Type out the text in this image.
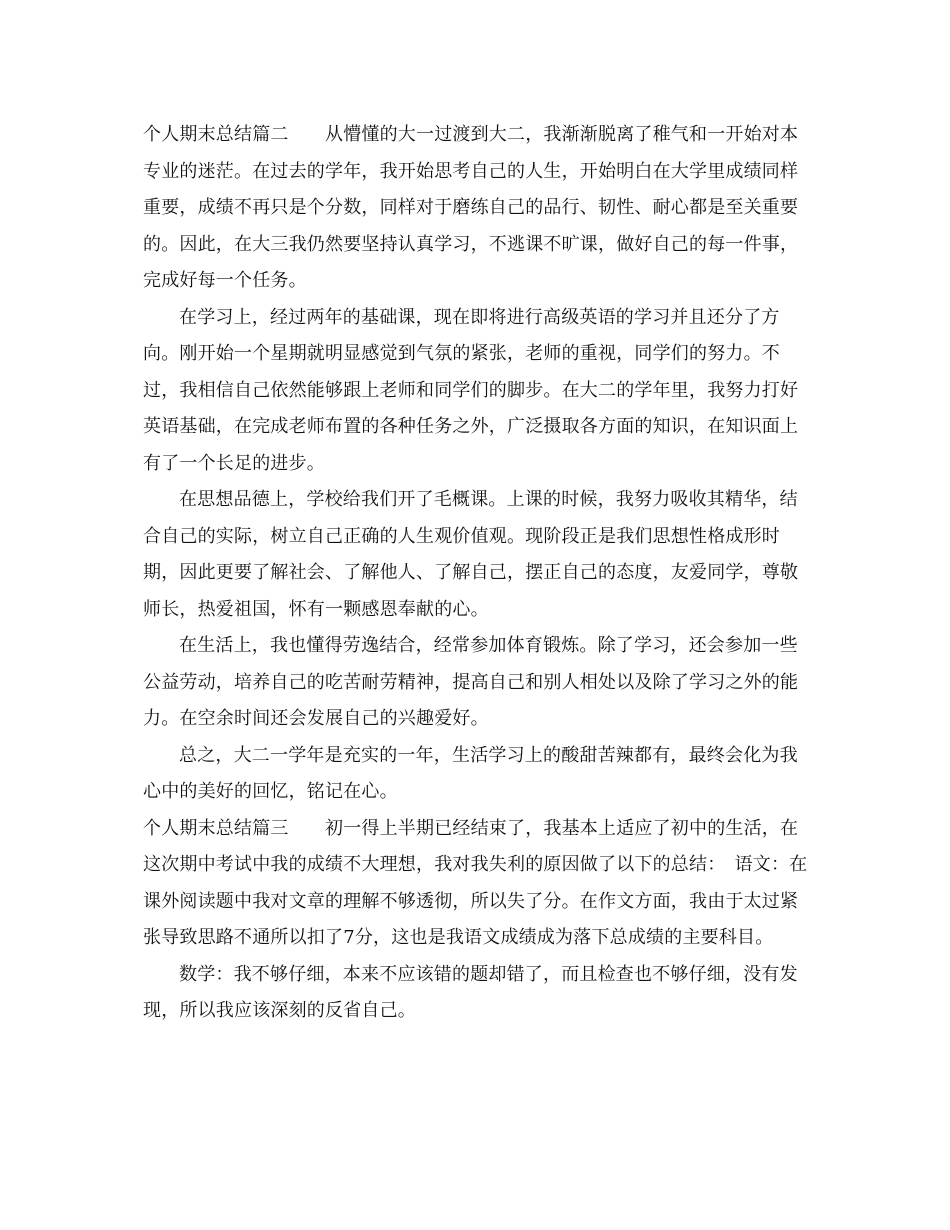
个人期末总结篇二　　从懵懂的大一过渡到大二，我渐渐脱离了稚气和一开始对本专业的迷茫。在过去的学年，我开始思考自己的人生，开始明白在大学里成绩同样重要，成绩不再只是个分数，同样对于磨练自己的品行、韧性、耐心都是至关重要的。因此，在大三我仍然要坚持认真学习，不逃课不旷课，做好自己的每一件事，完成好每一个任务。

在学习上，经过两年的基础课，现在即将进行高级英语的学习并且还分了方向。刚开始一个星期就明显感觉到气氛的紧张，老师的重视，同学们的努力。不过，我相信自己依然能够跟上老师和同学们的脚步。在大二的学年里，我努力打好英语基础，在完成老师布置的各种任务之外，广泛摄取各方面的知识，在知识面上有了一个长足的进步。

在思想品德上，学校给我们开了毛概课。上课的时候，我努力吸收其精华，结合自己的实际，树立自己正确的人生观价值观。现阶段正是我们思想性格成形时期，因此更要了解社会、了解他人、了解自己，摆正自己的态度，友爱同学，尊敬师长，热爱祖国，怀有一颗感恩奉献的心。

在生活上，我也懂得劳逸结合，经常参加体育锻炼。除了学习，还会参加一些公益劳动，培养自己的吃苦耐劳精神，提高自己和别人相处以及除了学习之外的能力。在空余时间还会发展自己的兴趣爱好。

总之，大二一学年是充实的一年，生活学习上的酸甜苦辣都有，最终会化为我心中的美好的回忆，铭记在心。

个人期末总结篇三　　初一得上半期已经结束了，我基本上适应了初中的生活，在这次期中考试中我的成绩不大理想，我对我失利的原因做了以下的总结：　语文：在课外阅读题中我对文章的理解不够透彻，所以失了分。在作文方面，我由于太过紧张导致思路不通所以扣了7分，这也是我语文成绩成为落下总成绩的主要科目。

数学：我不够仔细，本来不应该错的题却错了，而且检查也不够仔细，没有发现，所以我应该深刻的反省自己。
